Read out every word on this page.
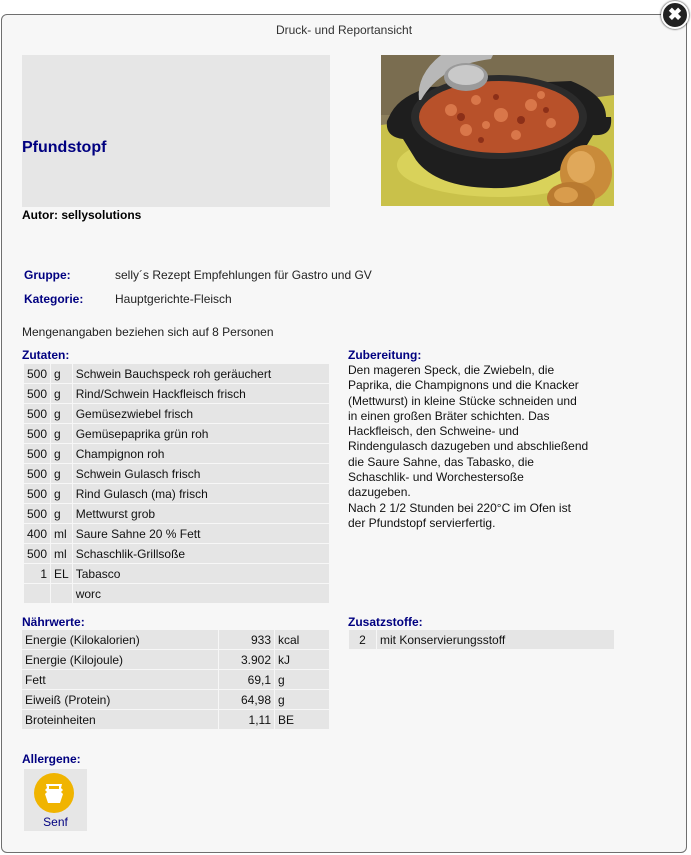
Druck- und Reportansicht
✖
Pfundstopf
Autor: sellysolutions
Gruppe:	selly´s Rezept Empfehlungen für Gastro und GV
Kategorie:	Hauptgerichte-Fleisch
Mengenangaben beziehen sich auf 8 Personen
Zutaten:
500	g	Schwein Bauchspeck roh geräuchert
500	g	Rind/Schwein Hackfleisch frisch
500	g	Gemüsezwiebel frisch
500	g	Gemüsepaprika grün roh
500	g	Champignon roh
500	g	Schwein Gulasch frisch
500	g	Rind Gulasch (ma) frisch
500	g	Mettwurst grob
400	ml	Saure Sahne 20 % Fett
500	ml	Schaschlik-Grillsoße
1	EL	Tabasco
		worc
Zubereitung:
Den mageren Speck, die Zwiebeln, die
Paprika, die Champignons und die Knacker
(Mettwurst) in kleine Stücke schneiden und
in einen großen Bräter schichten. Das
Hackfleisch, den Schweine- und
Rindengulasch dazugeben und abschließend
die Saure Sahne, das Tabasko, die
Schaschlik- und Worchestersoße
dazugeben.
Nach 2 1/2 Stunden bei 220°C im Ofen ist
der Pfundstopf servierfertig.
Nährwerte:
Energie (Kilokalorien)	933	kcal
Energie (Kilojoule)	3.902	kJ
Fett	69,1	g
Eiweiß (Protein)	64,98	g
Broteinheiten	1,11	BE
Zusatzstoffe:
2	mit Konservierungsstoff
Allergene:
Senf
